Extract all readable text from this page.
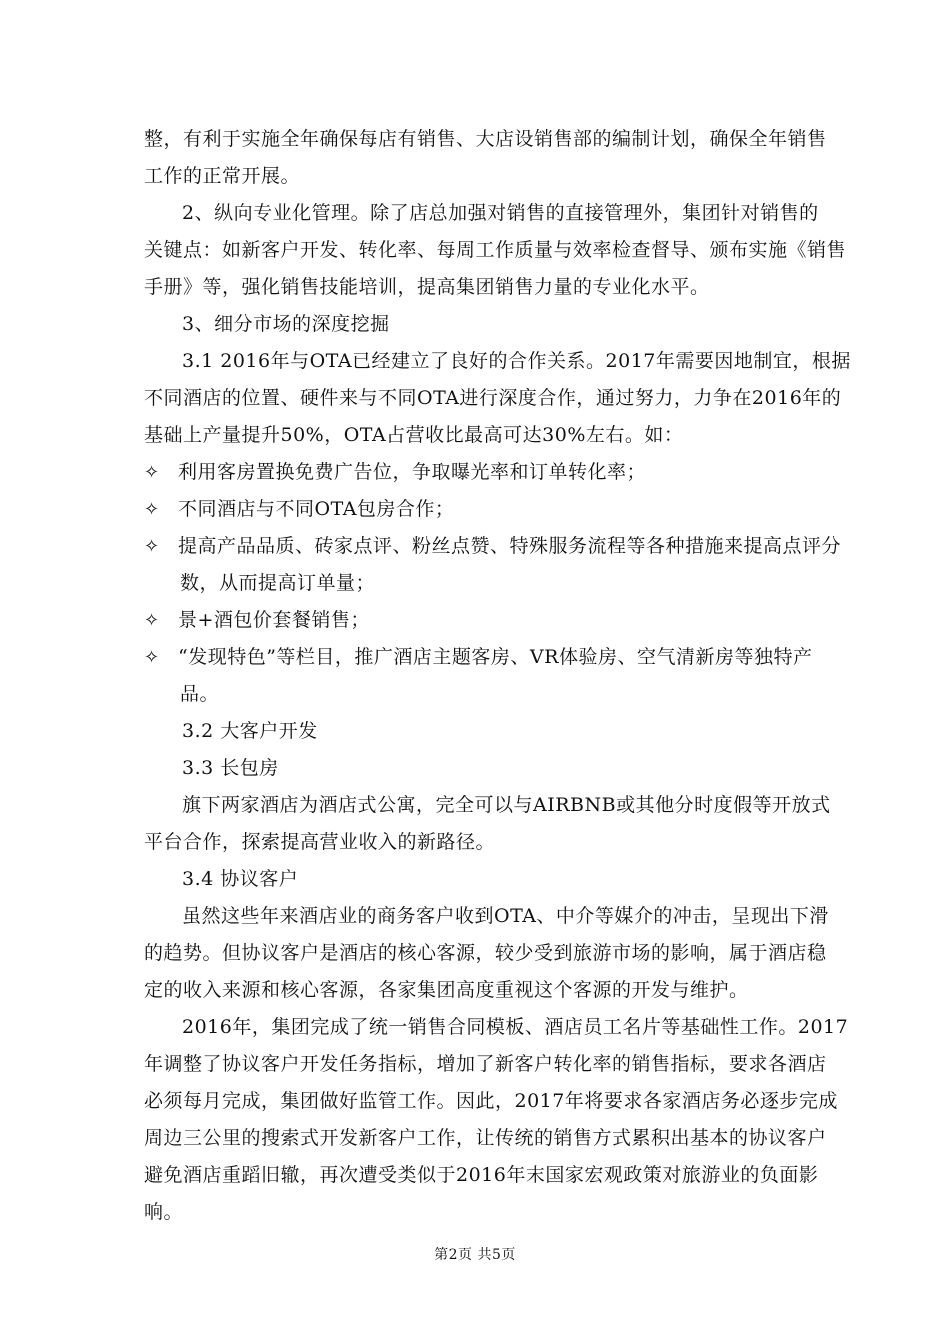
整，有利于实施全年确保每店有销售、大店设销售部的编制计划，确保全年销售
工作的正常开展。
2、纵向专业化管理。除了店总加强对销售的直接管理外，集团针对销售的
关键点：如新客户开发、转化率、每周工作质量与效率检查督导、颁布实施《销售
手册》等，强化销售技能培训，提高集团销售力量的专业化水平。
3、细分市场的深度挖掘
3.1 2016年与OTA已经建立了良好的合作关系。2017年需要因地制宜，根据
不同酒店的位置、硬件来与不同OTA进行深度合作，通过努力，力争在2016年的
基础上产量提升50%，OTA占营收比最高可达30%左右。如：
✧ 利用客房置换免费广告位，争取曝光率和订单转化率；
✧ 不同酒店与不同OTA包房合作；
✧ 提高产品品质、砖家点评、粉丝点赞、特殊服务流程等各种措施来提高点评分
数，从而提高订单量；
✧ 景+酒包价套餐销售；
✧ “发现特色”等栏目，推广酒店主题客房、VR体验房、空气清新房等独特产
品。
3.2 大客户开发
3.3 长包房
旗下两家酒店为酒店式公寓，完全可以与AIRBNB或其他分时度假等开放式
平台合作，探索提高营业收入的新路径。
3.4 协议客户
虽然这些年来酒店业的商务客户收到OTA、中介等媒介的冲击，呈现出下滑
的趋势。但协议客户是酒店的核心客源，较少受到旅游市场的影响，属于酒店稳
定的收入来源和核心客源，各家集团高度重视这个客源的开发与维护。
2016年，集团完成了统一销售合同模板、酒店员工名片等基础性工作。2017
年调整了协议客户开发任务指标，增加了新客户转化率的销售指标，要求各酒店
必须每月完成，集团做好监管工作。因此，2017年将要求各家酒店务必逐步完成
周边三公里的搜索式开发新客户工作，让传统的销售方式累积出基本的协议客户
避免酒店重蹈旧辙，再次遭受类似于2016年末国家宏观政策对旅游业的负面影
响。
第2页 共5页
